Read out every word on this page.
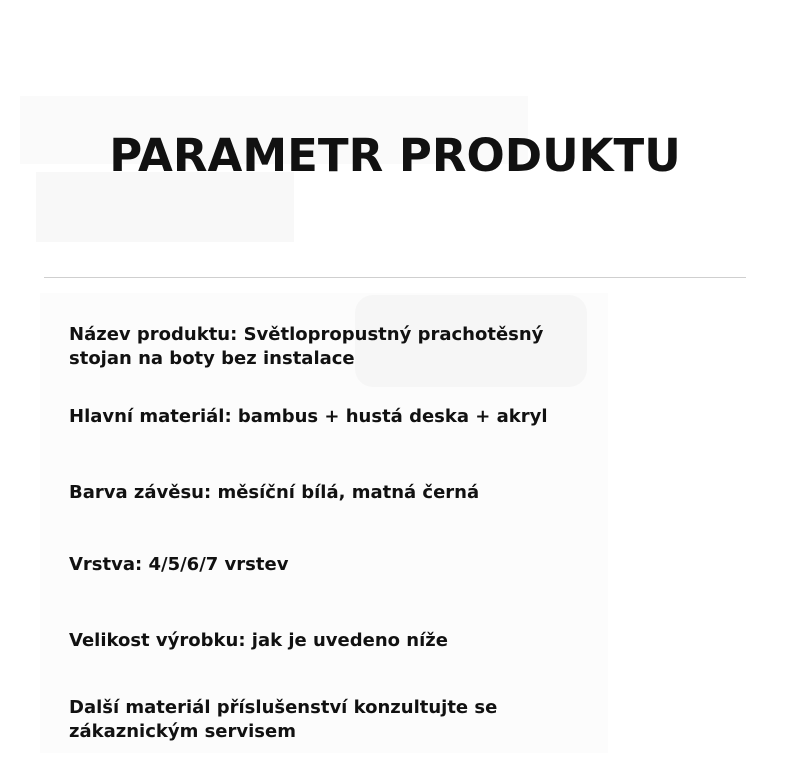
PARAMETR PRODUKTU
Název produktu: Světlopropustný prachotěsný stojan na boty bez instalace
Hlavní materiál: bambus + hustá deska + akryl
Barva závěsu: měsíční bílá, matná černá
Vrstva: 4/5/6/7 vrstev
Velikost výrobku: jak je uvedeno níže
Další materiál příslušenství konzultujte se zákaznickým servisem
